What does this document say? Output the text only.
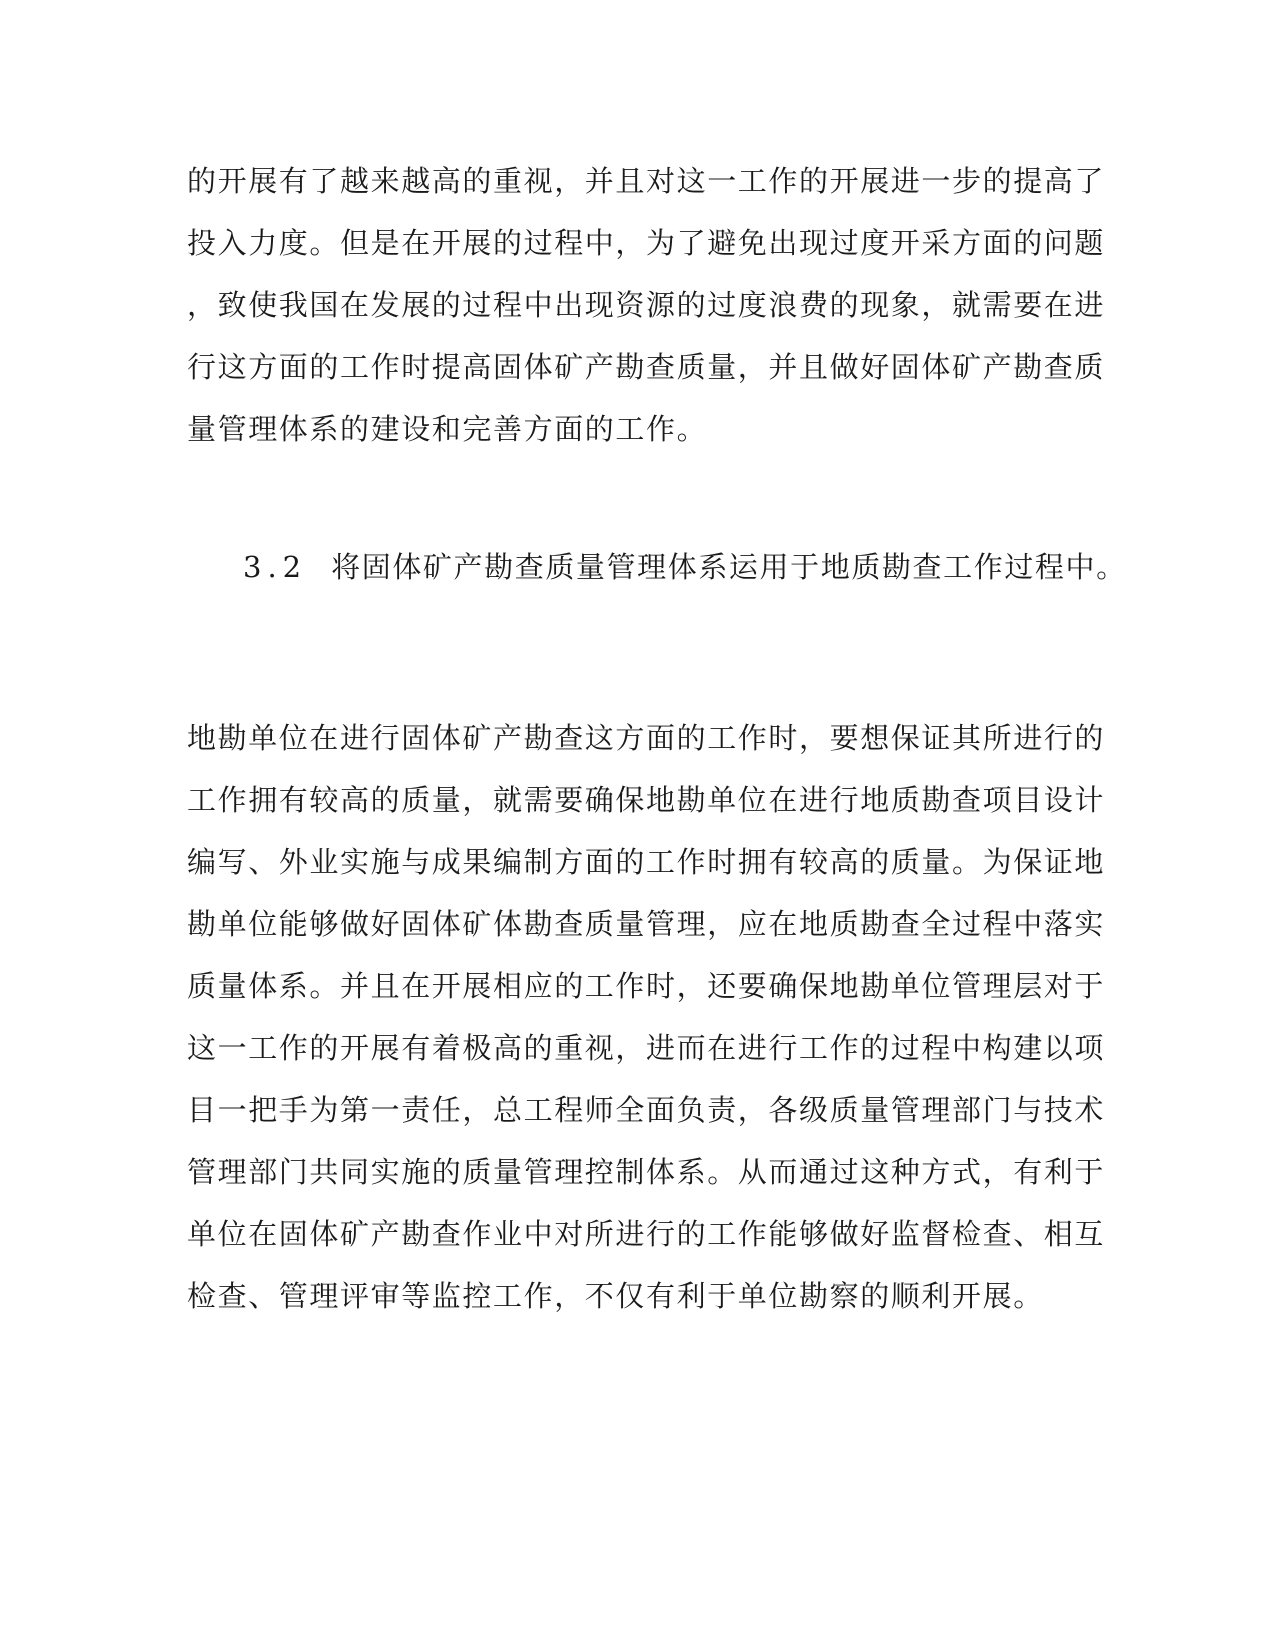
的开展有了越来越高的重视，并且对这一工作的开展进一步的提高了
投入力度。但是在开展的过程中，为了避免出现过度开采方面的问题
，致使我国在发展的过程中出现资源的过度浪费的现象，就需要在进
行这方面的工作时提高固体矿产勘查质量，并且做好固体矿产勘查质
量管理体系的建设和完善方面的工作。
3.2 将固体矿产勘查质量管理体系运用于地质勘查工作过程中。
地勘单位在进行固体矿产勘查这方面的工作时，要想保证其所进行的
工作拥有较高的质量，就需要确保地勘单位在进行地质勘查项目设计
编写、外业实施与成果编制方面的工作时拥有较高的质量。为保证地
勘单位能够做好固体矿体勘查质量管理，应在地质勘查全过程中落实
质量体系。并且在开展相应的工作时，还要确保地勘单位管理层对于
这一工作的开展有着极高的重视，进而在进行工作的过程中构建以项
目一把手为第一责任，总工程师全面负责，各级质量管理部门与技术
管理部门共同实施的质量管理控制体系。从而通过这种方式，有利于
单位在固体矿产勘查作业中对所进行的工作能够做好监督检查、相互
检查、管理评审等监控工作，不仅有利于单位勘察的顺利开展。
